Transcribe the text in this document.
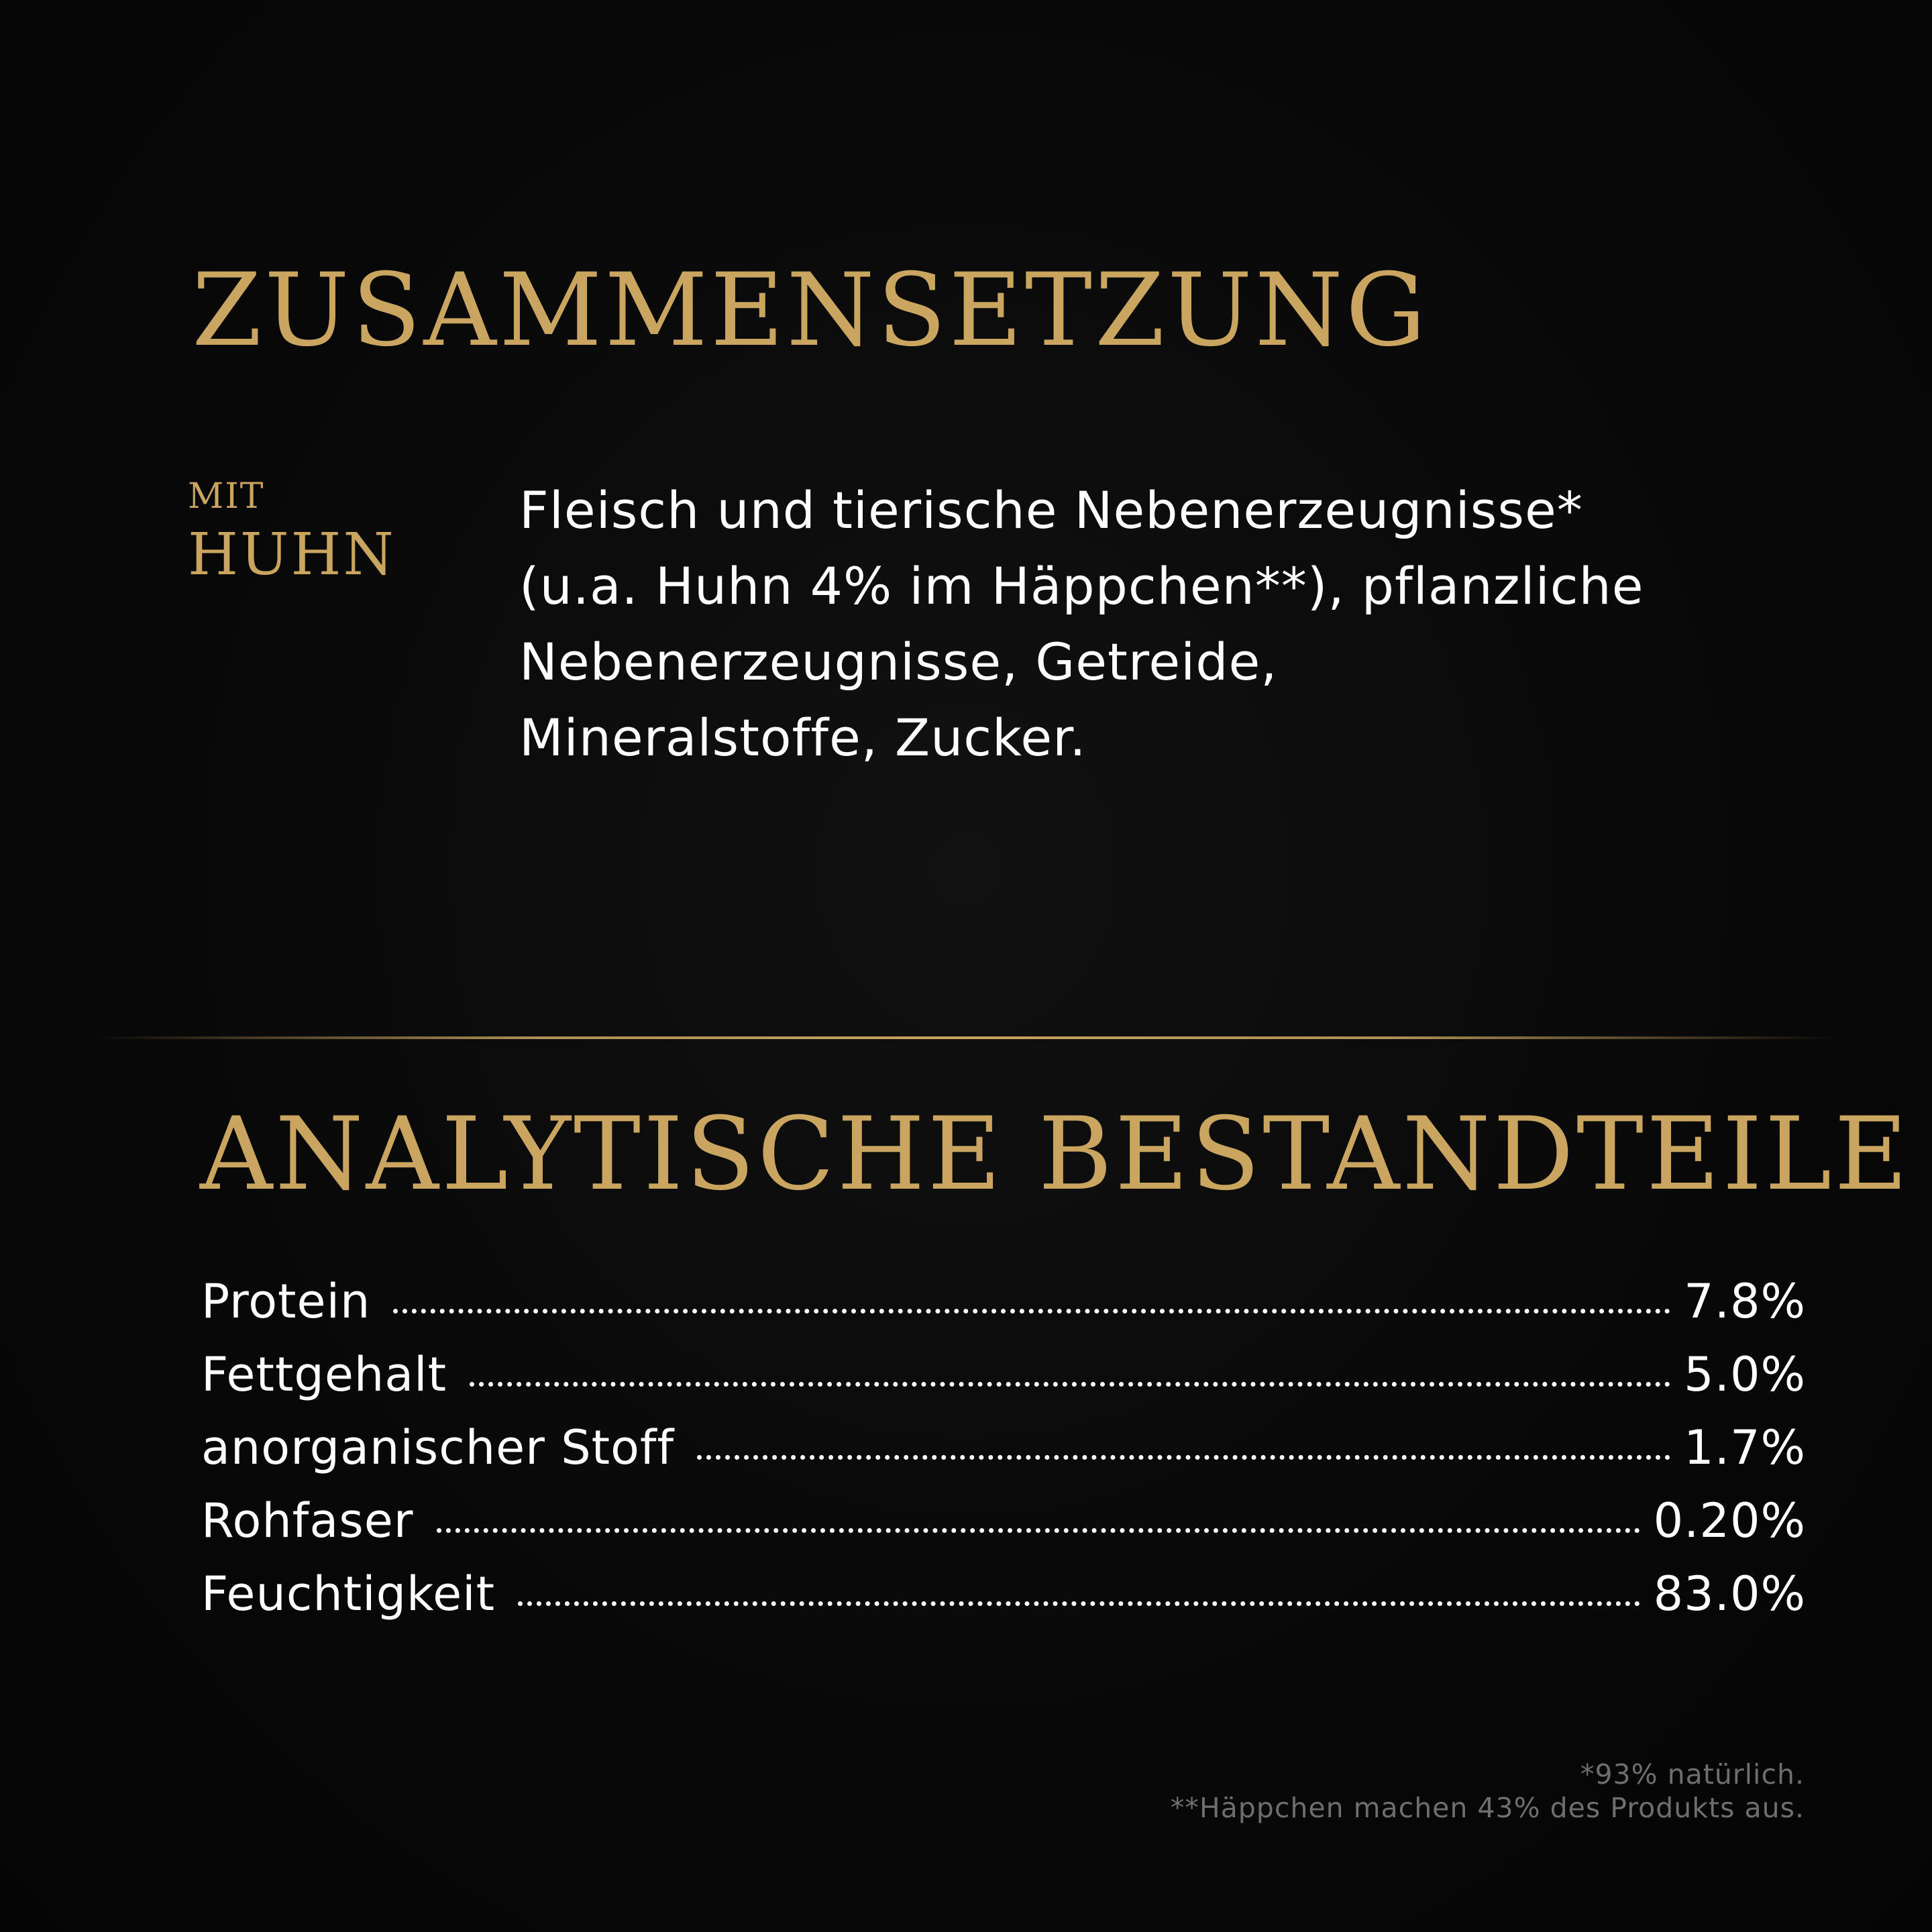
ZUSAMMENSETZUNG
MIT
HUHN

Fleisch und tierische Nebenerzeugnisse*
(u.a. Huhn 4% im Häppchen**), pflanzliche
Nebenerzeugnisse, Getreide,
Mineralstoffe, Zucker.

ANALYTISCHE BESTANDTEILE
Protein	7.8%
Fettgehalt	5.0%
anorganischer Stoff	1.7%
Rohfaser	0.20%
Feuchtigkeit	83.0%
*93% natürlich.
**Häppchen machen 43% des Produkts aus.
